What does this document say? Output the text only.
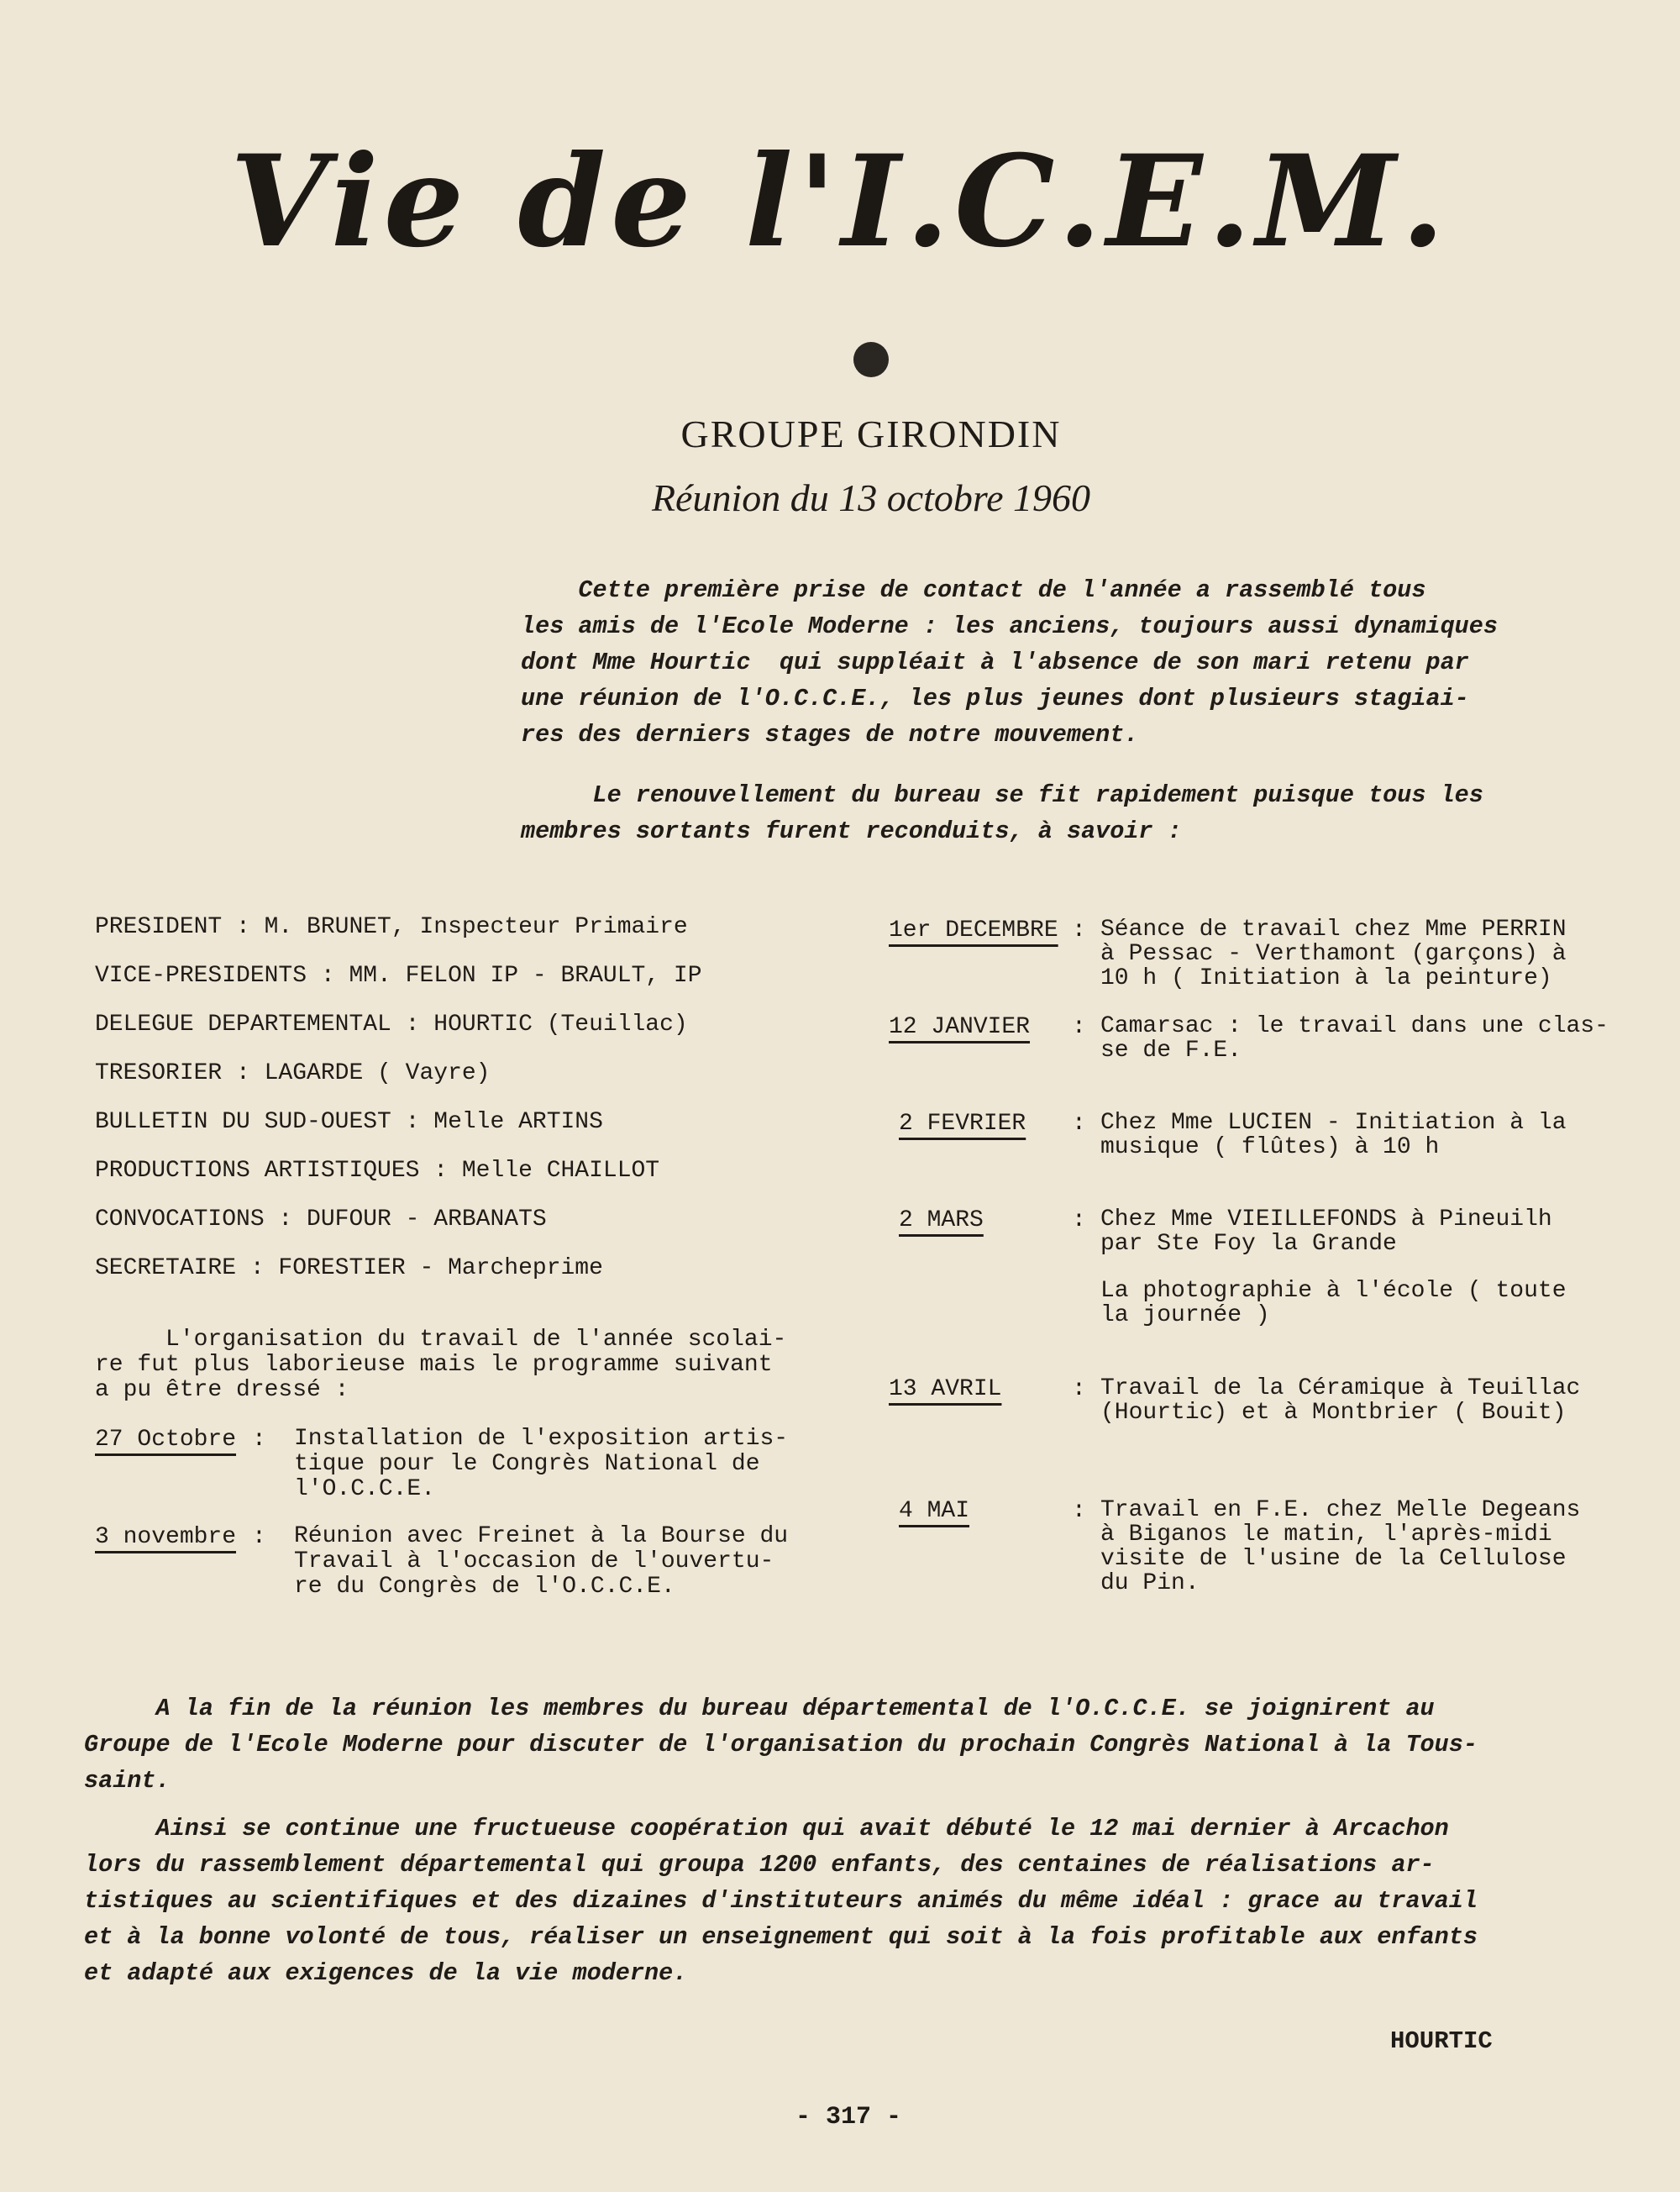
Vie de l'I.C.E.M.
GROUPE GIRONDIN
Réunion du 13 octobre 1960
Cette première prise de contact de l'année a rassemblé tous
les amis de l'Ecole Moderne : les anciens, toujours aussi dynamiques
dont Mme Hourtic  qui suppléait à l'absence de son mari retenu par
une réunion de l'O.C.C.E., les plus jeunes dont plusieurs stagiai-
res des derniers stages de notre mouvement.
Le renouvellement du bureau se fit rapidement puisque tous les
membres sortants furent reconduits, à savoir :
PRESIDENT : M. BRUNET, Inspecteur Primaire
VICE-PRESIDENTS : MM. FELON IP - BRAULT, IP
DELEGUE DEPARTEMENTAL : HOURTIC (Teuillac)
TRESORIER : LAGARDE ( Vayre)
BULLETIN DU SUD-OUEST : Melle ARTINS
PRODUCTIONS ARTISTIQUES : Melle CHAILLOT
CONVOCATIONS : DUFOUR - ARBANATS
SECRETAIRE : FORESTIER - Marcheprime
L'organisation du travail de l'année scolai-
re fut plus laborieuse mais le programme suivant
a pu être dressé :
27 Octobre : Installation de l'exposition artis-
tique pour le Congrès National de
l'O.C.C.E.
3 novembre : Réunion avec Freinet à la Bourse du
Travail à l'occasion de l'ouvertu-
re du Congrès de l'O.C.C.E.
1er DECEMBRE : Séance de travail chez Mme PERRIN
à Pessac - Verthamont (garçons) à
10 h ( Initiation à la peinture)
12 JANVIER : Camarsac : le travail dans une clas-
se de F.E.
2 FEVRIER : Chez Mme LUCIEN - Initiation à la
musique ( flûtes) à 10 h
2 MARS	: Chez Mme VIEILLEFONDS à Pineuilh
par Ste Foy la Grande
La photographie à l'école ( toute
la journée )
13 AVRIL	: Travail de la Céramique à Teuillac
(Hourtic) et à Montbrier ( Bouit)
4 MAI	: Travail en F.E. chez Melle Degeans
à Biganos le matin, l'après-midi
visite de l'usine de la Cellulose
du Pin.
A la fin de la réunion les membres du bureau départemental de l'O.C.C.E. se joignirent au
Groupe de l'Ecole Moderne pour discuter de l'organisation du prochain Congrès National à la Tous-
saint.
Ainsi se continue une fructueuse coopération qui avait débuté le 12 mai dernier à Arcachon
lors du rassemblement départemental qui groupa 1200 enfants, des centaines de réalisations ar-
tistiques au scientifiques et des dizaines d'instituteurs animés du même idéal : grace au travail
et à la bonne volonté de tous, réaliser un enseignement qui soit à la fois profitable aux enfants
et adapté aux exigences de la vie moderne.
HOURTIC
- 317 -
